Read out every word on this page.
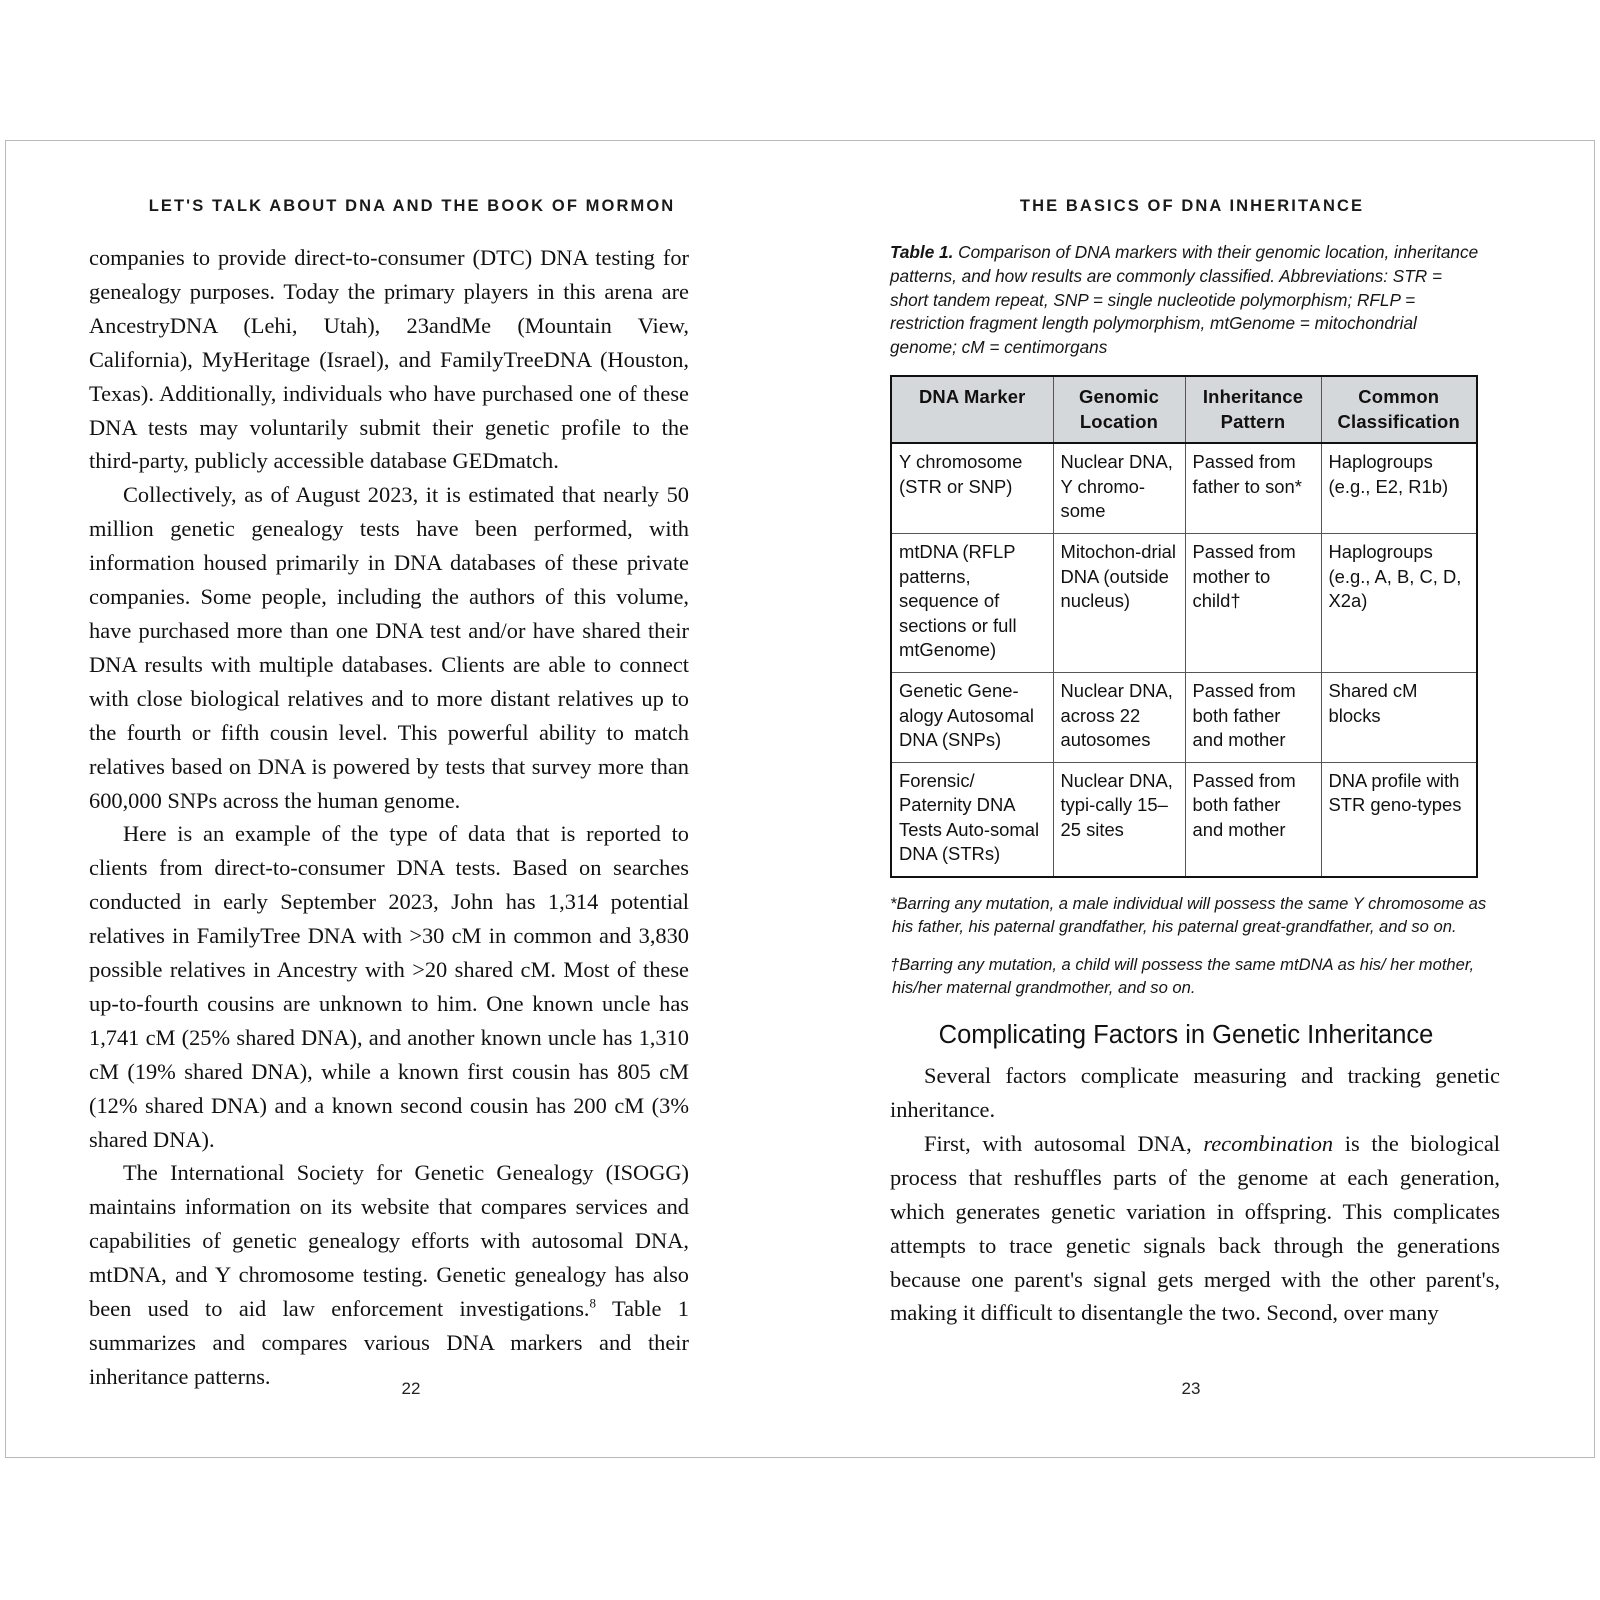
LET'S TALK ABOUT DNA AND THE BOOK OF MORMON

companies to provide direct-to-consumer (DTC) DNA testing for genealogy purposes. Today the primary players in this arena are AncestryDNA (Lehi, Utah), 23andMe (Mountain View, California), MyHeritage (Israel), and FamilyTreeDNA (Houston, Texas). Additionally, individuals who have purchased one of these DNA tests may voluntarily submit their genetic profile to the third-party, publicly accessible database GEDmatch.

Collectively, as of August 2023, it is estimated that nearly 50 million genetic genealogy tests have been performed, with information housed primarily in DNA databases of these private companies. Some people, including the authors of this volume, have purchased more than one DNA test and/or have shared their DNA results with multiple databases. Clients are able to connect with close biological relatives and to more distant relatives up to the fourth or fifth cousin level. This powerful ability to match relatives based on DNA is powered by tests that survey more than 600,000 SNPs across the human genome.

Here is an example of the type of data that is reported to clients from direct-to-consumer DNA tests. Based on searches conducted in early September 2023, John has 1,314 potential relatives in FamilyTree DNA with >30 cM in common and 3,830 possible relatives in Ancestry with >20 shared cM. Most of these up-to-fourth cousins are unknown to him. One known uncle has 1,741 cM (25% shared DNA), and another known uncle has 1,310 cM (19% shared DNA), while a known first cousin has 805 cM (12% shared DNA) and a known second cousin has 200 cM (3% shared DNA).

The International Society for Genetic Genealogy (ISOGG) maintains information on its website that compares services and capabilities of genetic genealogy efforts with autosomal DNA, mtDNA, and Y chromosome testing. Genetic genealogy has also been used to aid law enforcement investigations.$^8$ Table 1 summarizes and compares various DNA markers and their inheritance patterns.	22
THE BASICS OF DNA INHERITANCE

Table 1. Comparison of DNA markers with their genomic location, inheritance patterns, and how results are commonly classified. Abbreviations: STR = short tandem repeat, SNP = single nucleotide polymorphism; RFLP = restriction fragment length polymorphism, mtGenome = mitochondrial genome; cM = centimorgans

DNA Marker	Genomic Location	Inheritance Pattern	Common Classification
Y chromosome (STR or SNP)	Nuclear DNA, Y chromo-some	Passed from father to son*	Haplogroups (e.g., E2, R1b)
mtDNA (RFLP patterns, sequence of sections or full mtGenome)	Mitochon-drial DNA (outside nucleus)	Passed from mother to child†	Haplogroups (e.g., A, B, C, D, X2a)
Genetic Gene-alogy Autosomal DNA (SNPs)	Nuclear DNA, across 22 autosomes	Passed from both father and mother	Shared cM blocks
Forensic/ Paternity DNA Tests Auto-somal DNA (STRs)	Nuclear DNA, typi-cally 15–25 sites	Passed from both father and mother	DNA profile with STR geno-types

*Barring any mutation, a male individual will possess the same Y chromosome as his father, his paternal grandfather, his paternal great-grandfather, and so on.

†Barring any mutation, a child will possess the same mtDNA as his/ her mother, his/her maternal grandmother, and so on.

Complicating Factors in Genetic Inheritance

Several factors complicate measuring and tracking genetic inheritance.

First, with autosomal DNA, recombination is the biological process that reshuffles parts of the genome at each generation, which generates genetic variation in offspring. This complicates attempts to trace genetic signals back through the generations because one parent's signal gets merged with the other parent's, making it difficult to disentangle the two. Second, over many

23
